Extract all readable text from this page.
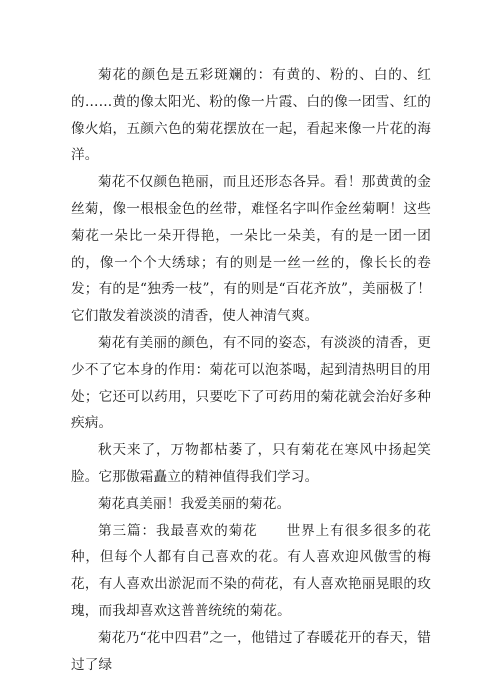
菊花的颜色是五彩斑斓的：有黄的、粉的、白的、红的……黄的像太阳光、粉的像一片霞、白的像一团雪、红的像火焰，五颜六色的菊花摆放在一起，看起来像一片花的海洋。

菊花不仅颜色艳丽，而且还形态各异。看！那黄黄的金丝菊，像一根根金色的丝带，难怪名字叫作金丝菊啊！这些菊花一朵比一朵开得艳，一朵比一朵美，有的是一团一团的，像一个个大绣球；有的则是一丝一丝的，像长长的卷发；有的是“独秀一枝”，有的则是“百花齐放”，美丽极了！它们散发着淡淡的清香，使人神清气爽。

菊花有美丽的颜色，有不同的姿态，有淡淡的清香，更少不了它本身的作用：菊花可以泡茶喝，起到清热明目的用处；它还可以药用，只要吃下了可药用的菊花就会治好多种疾病。

秋天来了，万物都枯萎了，只有菊花在寒风中扬起笑脸。它那傲霜矗立的精神值得我们学习。

菊花真美丽！我爱美丽的菊花。

第三篇：我最喜欢的菊花　　世界上有很多很多的花种，但每个人都有自己喜欢的花。有人喜欢迎风傲雪的梅花，有人喜欢出淤泥而不染的荷花，有人喜欢艳丽晃眼的玫瑰，而我却喜欢这普普统统的菊花。

菊花乃“花中四君”之一，他错过了春暖花开的春天，错过了绿
